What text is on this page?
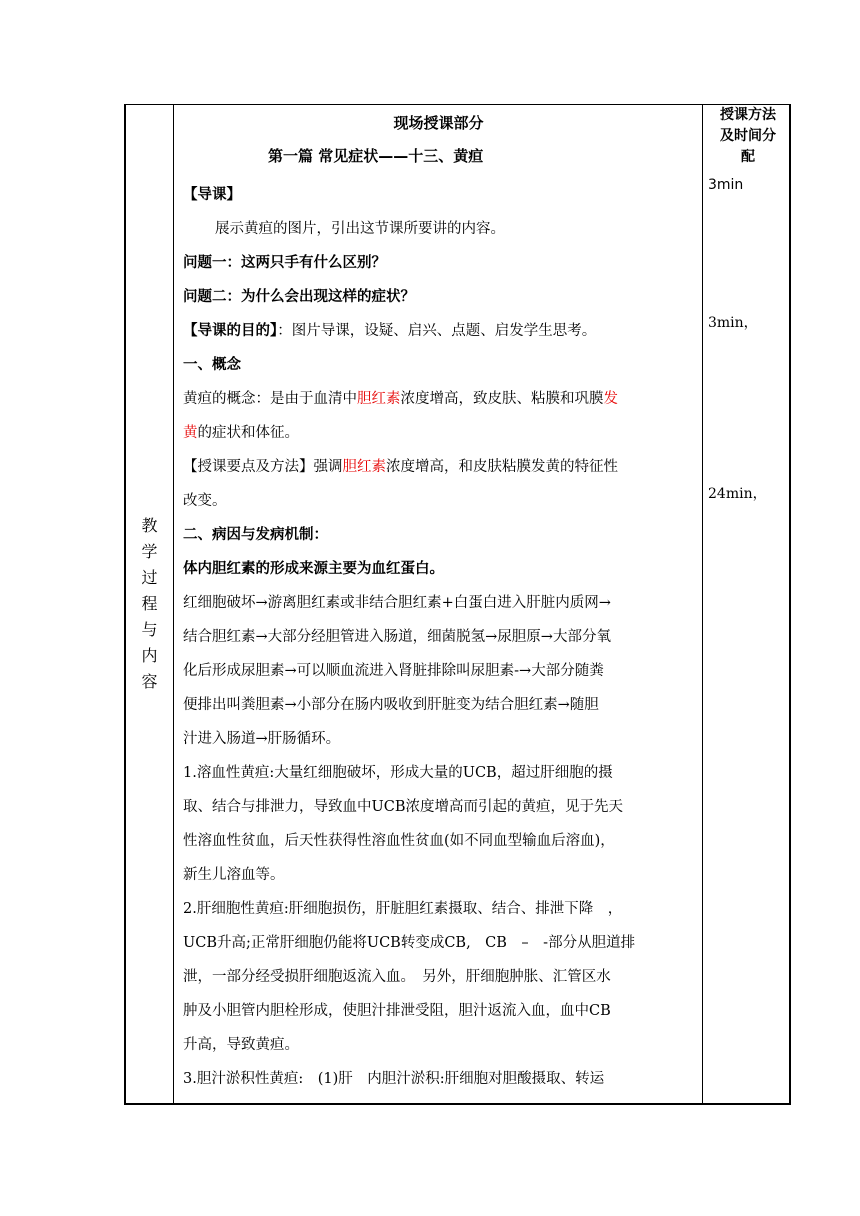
教
学
过
程
与
内
容
现场授课部分
第一篇 常见症状——十三、黄疸
授课方法
及时间分
配
3min
3min，
24min，

【导课】

展示黄疸的图片，引出这节课所要讲的内容。

问题一：这两只手有什么区别？

问题二：为什么会出现这样的症状？

【导课的目的】：图片导课，设疑、启兴、点题、启发学生思考。

一、概念

黄疸的概念：是由于血清中胆红素浓度增高，致皮肤、粘膜和巩膜发

黄的症状和体征。

【授课要点及方法】强调胆红素浓度增高，和皮肤粘膜发黄的特征性

改变。

二、病因与发病机制：

体内胆红素的形成来源主要为血红蛋白。

红细胞破坏→游离胆红素或非结合胆红素+白蛋白进入肝脏内质网→

结合胆红素→大部分经胆管进入肠道，细菌脱氢→尿胆原→大部分氧

化后形成尿胆素→可以顺血流进入肾脏排除叫尿胆素-→大部分随粪

便排出叫粪胆素→小部分在肠内吸收到肝脏变为结合胆红素→随胆

汁进入肠道→肝肠循环。

1.溶血性黄疸:大量红细胞破坏，形成大量的UCB，超过肝细胞的摄

取、结合与排泄力，导致血中UCB浓度增高而引起的黄疸，见于先天

性溶血性贫血，后天性获得性溶血性贫血(如不同血型输血后溶血)，

新生儿溶血等。

2.肝细胞性黄疸:肝细胞损伤，肝脏胆红素摄取、结合、排泄下降　，

UCB升高;正常肝细胞仍能将UCB转变成CB,　CB　–　-部分从胆道排

泄，一部分经受损肝细胞返流入血。　另外，肝细胞肿胀、汇管区水

肿及小胆管内胆栓形成，使胆汁排泄受阻，胆汁返流入血，血中CB

升高，导致黄疸。

3.胆汁淤积性黄疸:　(1)肝　内胆汁淤积:肝细胞对胆酸摄取、转运
